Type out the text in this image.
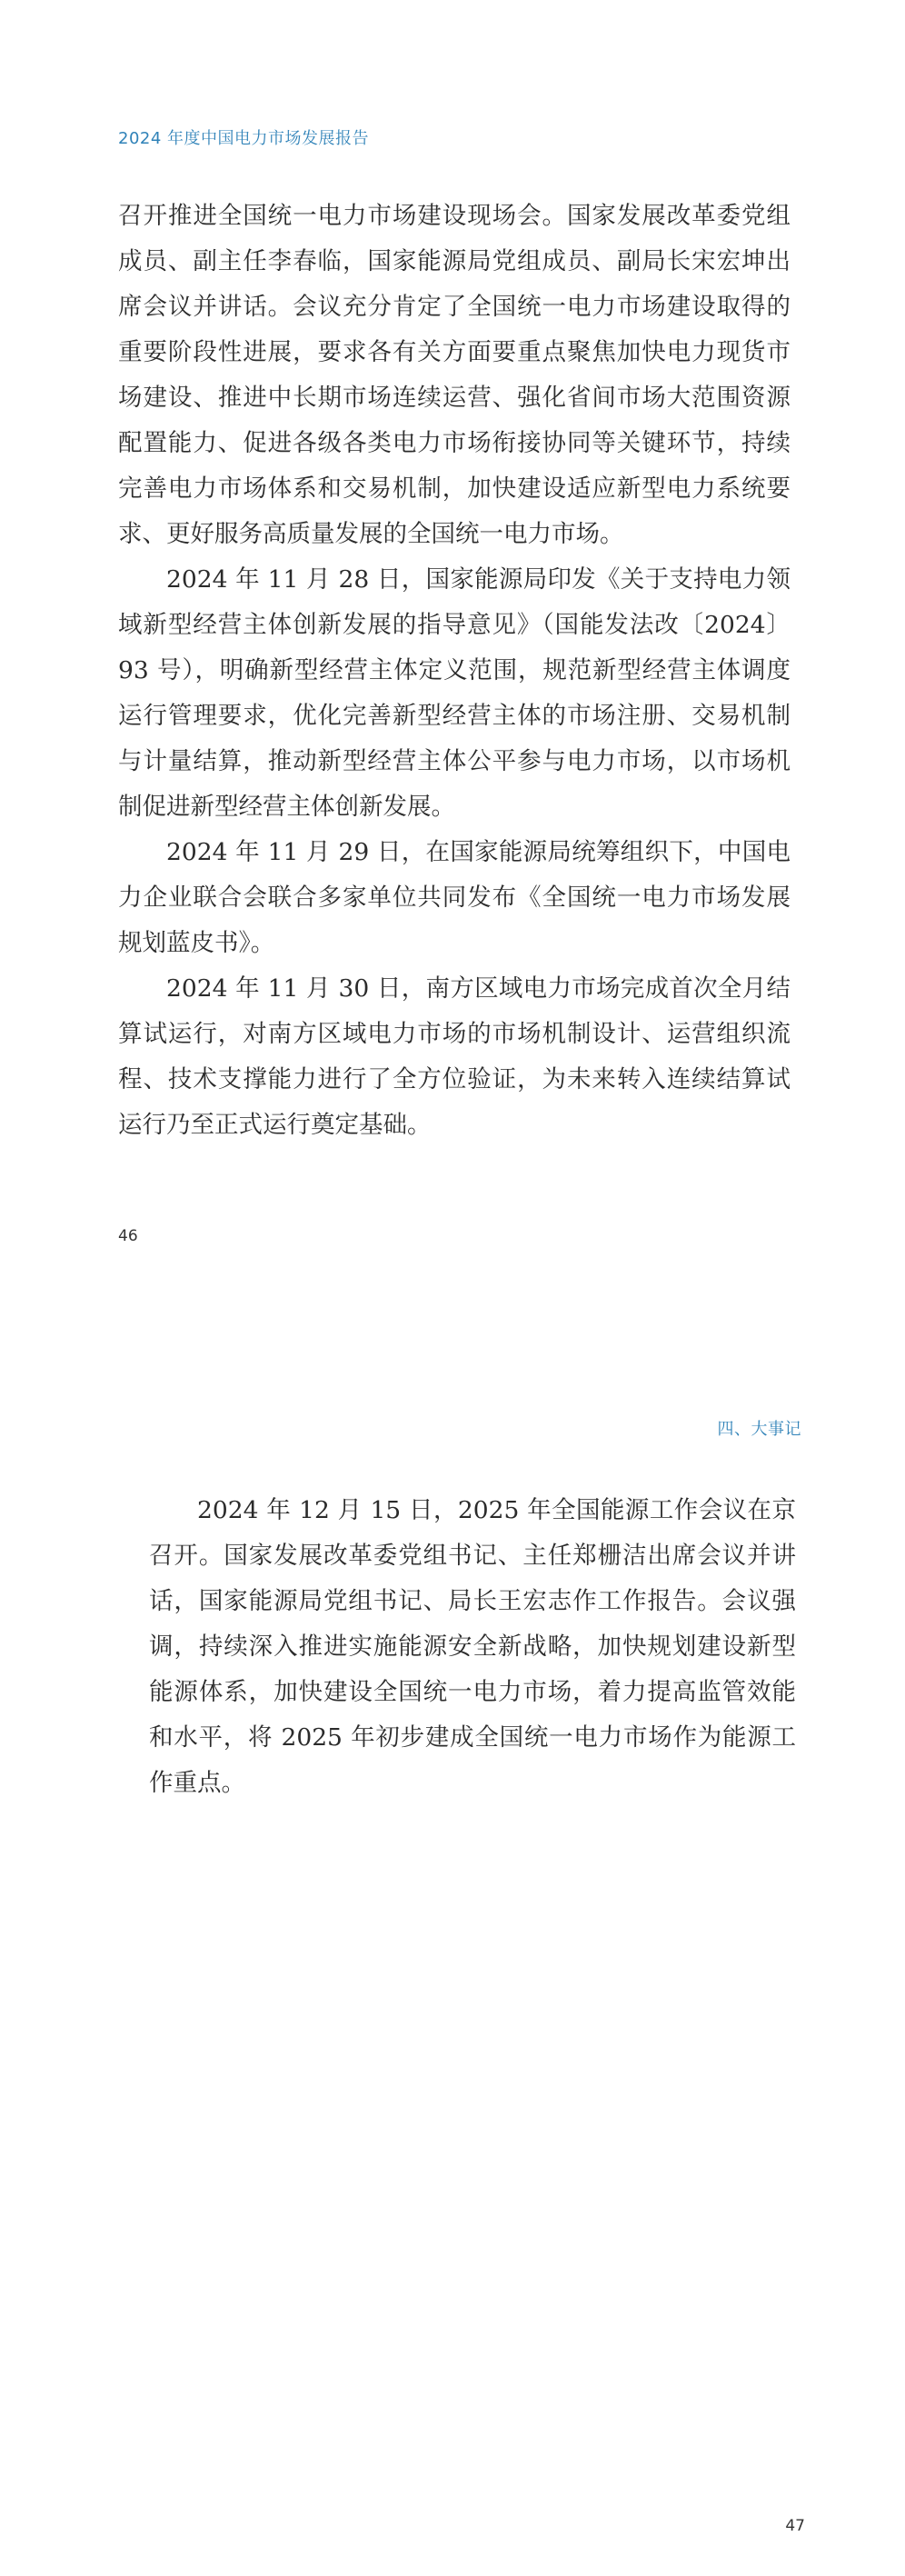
2024 年度中国电力市场发展报告

召开推进全国统一电力市场建设现场会。国家发展改革委党组成员、副主任李春临，国家能源局党组成员、副局长宋宏坤出席会议并讲话。会议充分肯定了全国统一电力市场建设取得的重要阶段性进展，要求各有关方面要重点聚焦加快电力现货市场建设、推进中长期市场连续运营、强化省间市场大范围资源配置能力、促进各级各类电力市场衔接协同等关键环节，持续完善电力市场体系和交易机制，加快建设适应新型电力系统要求、更好服务高质量发展的全国统一电力市场。

2024 年 11 月 28 日，国家能源局印发《关于支持电力领域新型经营主体创新发展的指导意见》（国能发法改〔2024〕93 号），明确新型经营主体定义范围，规范新型经营主体调度运行管理要求，优化完善新型经营主体的市场注册、交易机制与计量结算，推动新型经营主体公平参与电力市场，以市场机制促进新型经营主体创新发展。

2024 年 11 月 29 日，在国家能源局统筹组织下，中国电力企业联合会联合多家单位共同发布《全国统一电力市场发展规划蓝皮书》。

2024 年 11 月 30 日，南方区域电力市场完成首次全月结算试运行，对南方区域电力市场的市场机制设计、运营组织流程、技术支撑能力进行了全方位验证，为未来转入连续结算试运行乃至正式运行奠定基础。

46
四、大事记

2024 年 12 月 15 日，2025 年全国能源工作会议在京召开。国家发展改革委党组书记、主任郑栅洁出席会议并讲话，国家能源局党组书记、局长王宏志作工作报告。会议强调，持续深入推进实施能源安全新战略，加快规划建设新型能源体系，加快建设全国统一电力市场，着力提高监管效能和水平，将 2025 年初步建成全国统一电力市场作为能源工作重点。

47
